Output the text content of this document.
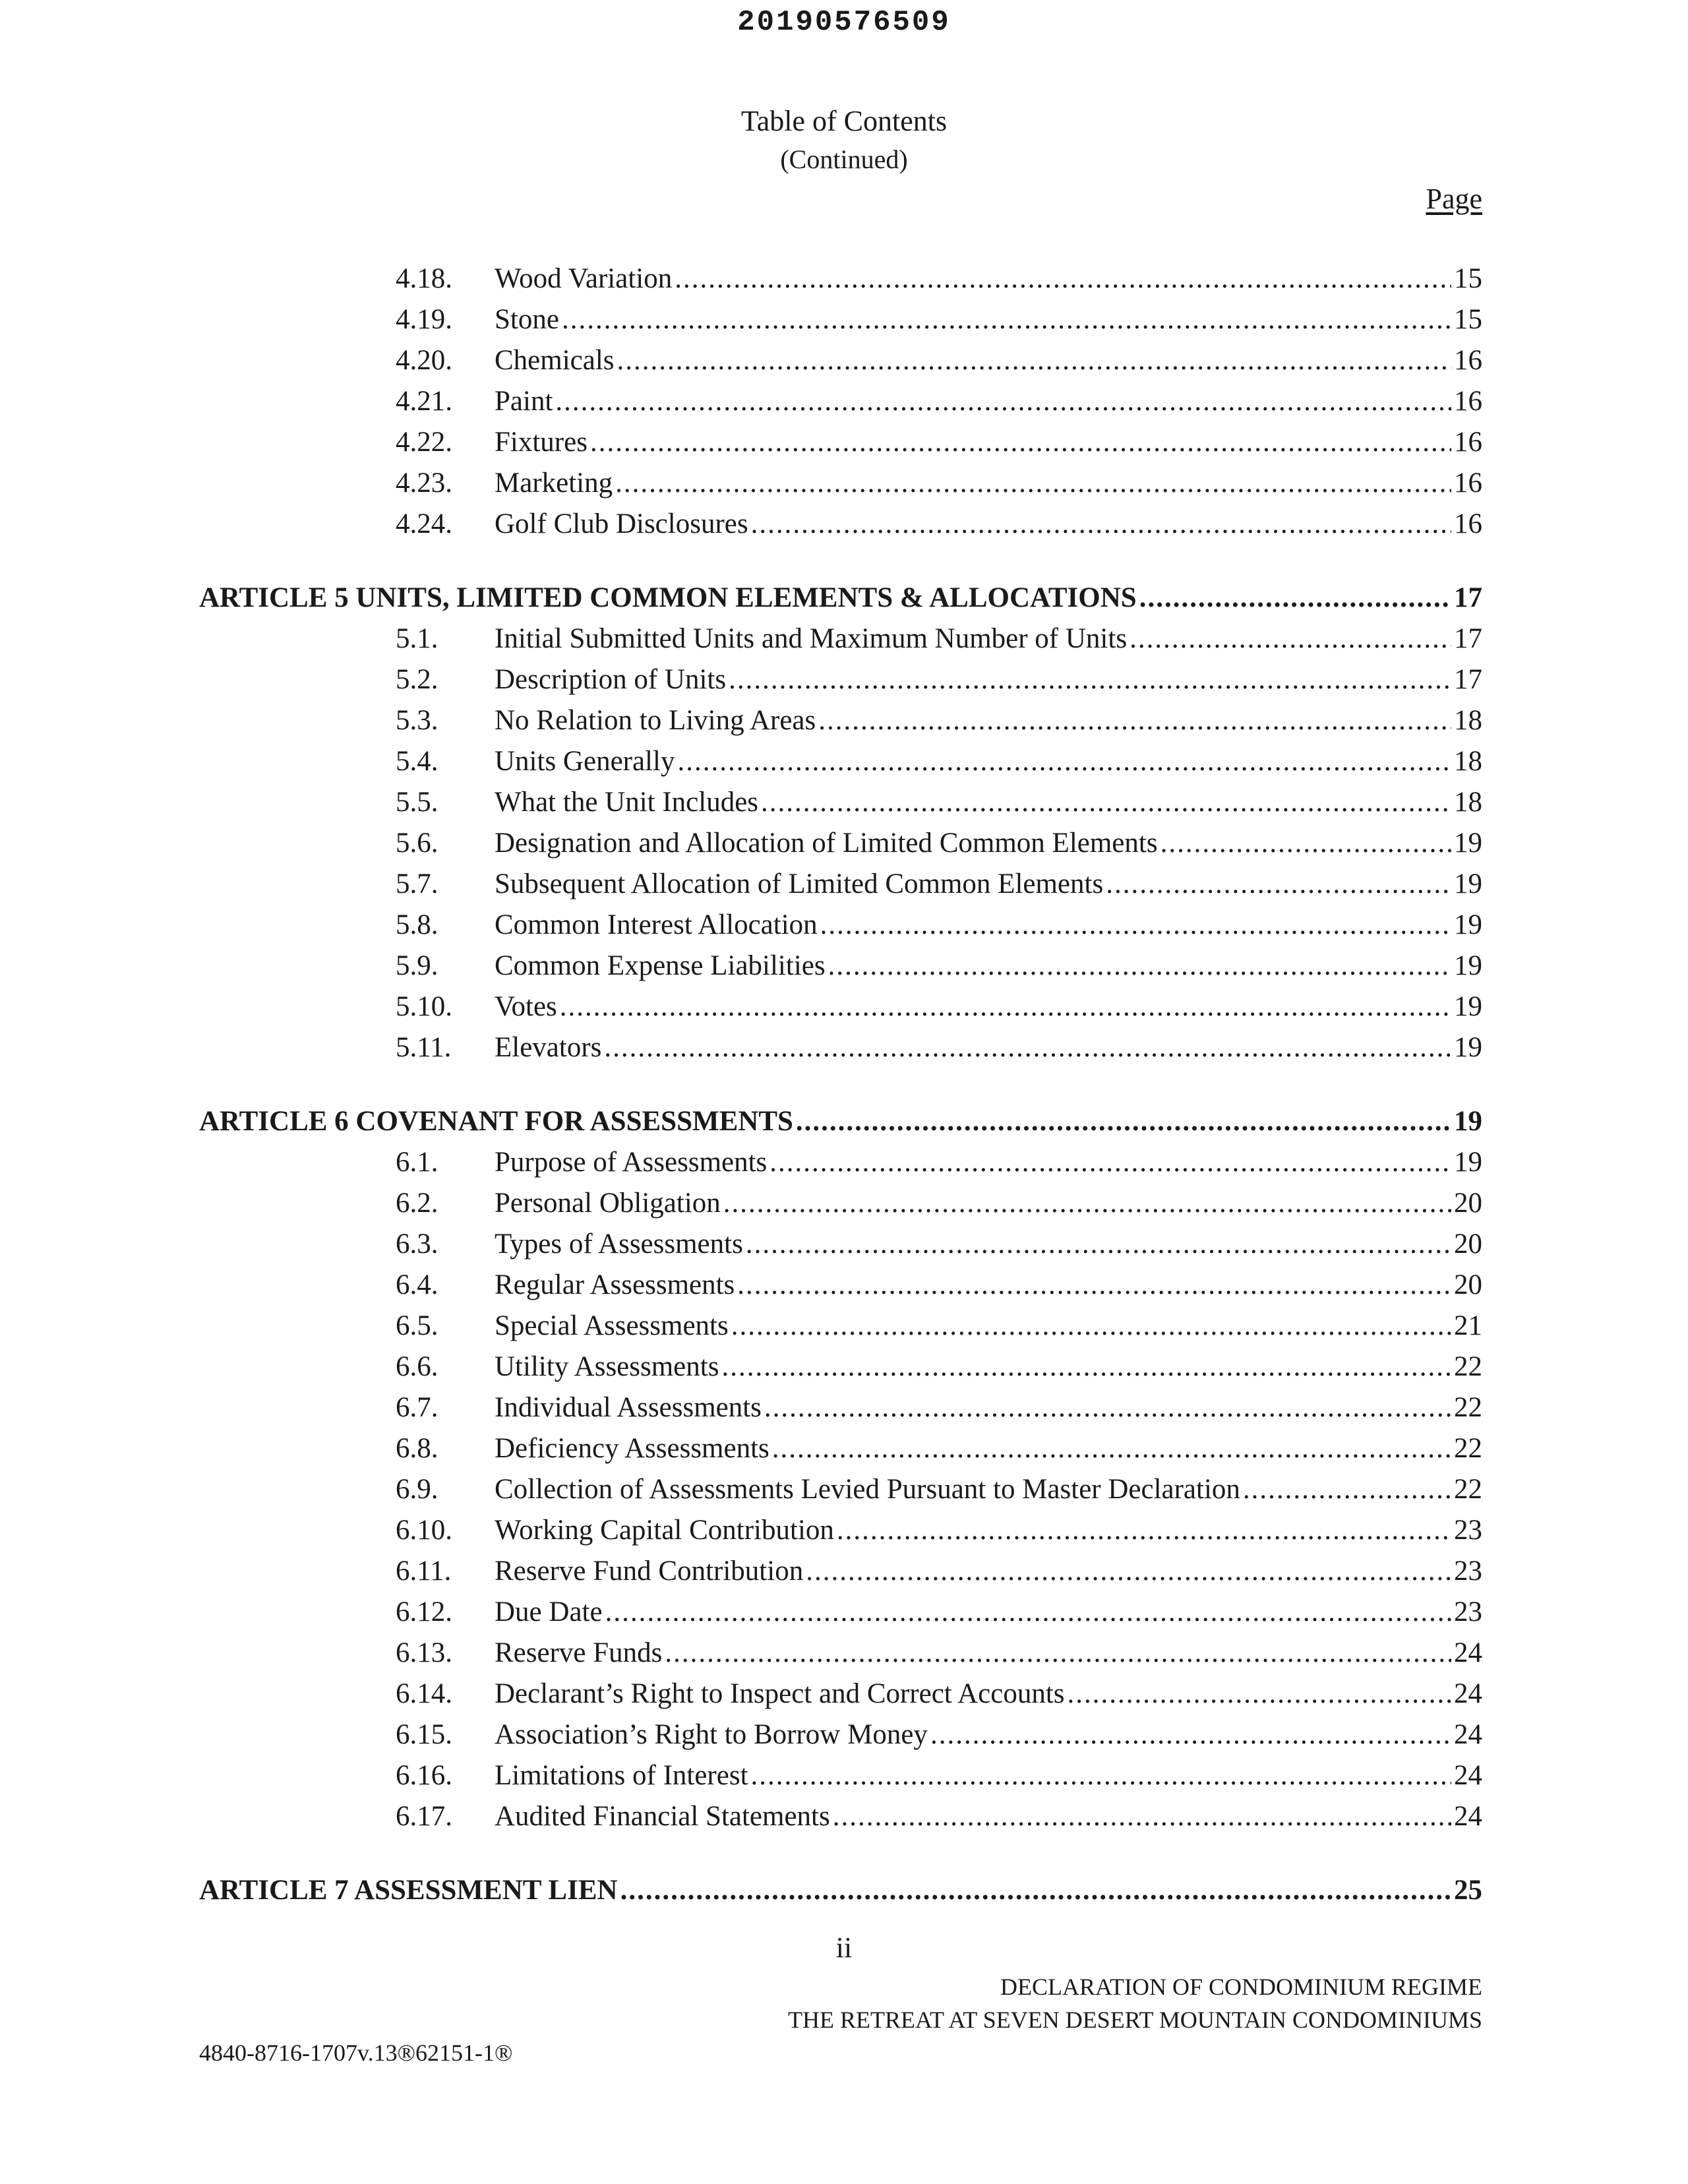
20190576509
Table of Contents
(Continued)
Page
4.18.	Wood Variation .....	15
4.19.	Stone .....	15
4.20.	Chemicals .....	16
4.21.	Paint .....	16
4.22.	Fixtures .....	16
4.23.	Marketing .....	16
4.24.	Golf Club Disclosures .....	16
ARTICLE 5 UNITS, LIMITED COMMON ELEMENTS & ALLOCATIONS .....	17
5.1.	Initial Submitted Units and Maximum Number of Units .....	17
5.2.	Description of Units .....	17
5.3.	No Relation to Living Areas .....	18
5.4.	Units Generally .....	18
5.5.	What the Unit Includes .....	18
5.6.	Designation and Allocation of Limited Common Elements .....	19
5.7.	Subsequent Allocation of Limited Common Elements .....	19
5.8.	Common Interest Allocation .....	19
5.9.	Common Expense Liabilities .....	19
5.10.	Votes .....	19
5.11.	Elevators .....	19
ARTICLE 6 COVENANT FOR ASSESSMENTS .....	19
6.1.	Purpose of Assessments .....	19
6.2.	Personal Obligation .....	20
6.3.	Types of Assessments .....	20
6.4.	Regular Assessments .....	20
6.5.	Special Assessments .....	21
6.6.	Utility Assessments .....	22
6.7.	Individual Assessments .....	22
6.8.	Deficiency Assessments .....	22
6.9.	Collection of Assessments Levied Pursuant to Master Declaration .....	22
6.10.	Working Capital Contribution .....	23
6.11.	Reserve Fund Contribution .....	23
6.12.	Due Date .....	23
6.13.	Reserve Funds .....	24
6.14.	Declarant’s Right to Inspect and Correct Accounts .....	24
6.15.	Association’s Right to Borrow Money .....	24
6.16.	Limitations of Interest .....	24
6.17.	Audited Financial Statements .....	24
ARTICLE 7 ASSESSMENT LIEN .....	25
ii
DECLARATION OF CONDOMINIUM REGIME
THE RETREAT AT SEVEN DESERT MOUNTAIN CONDOMINIUMS
4840-8716-1707v.13®62151-1®
